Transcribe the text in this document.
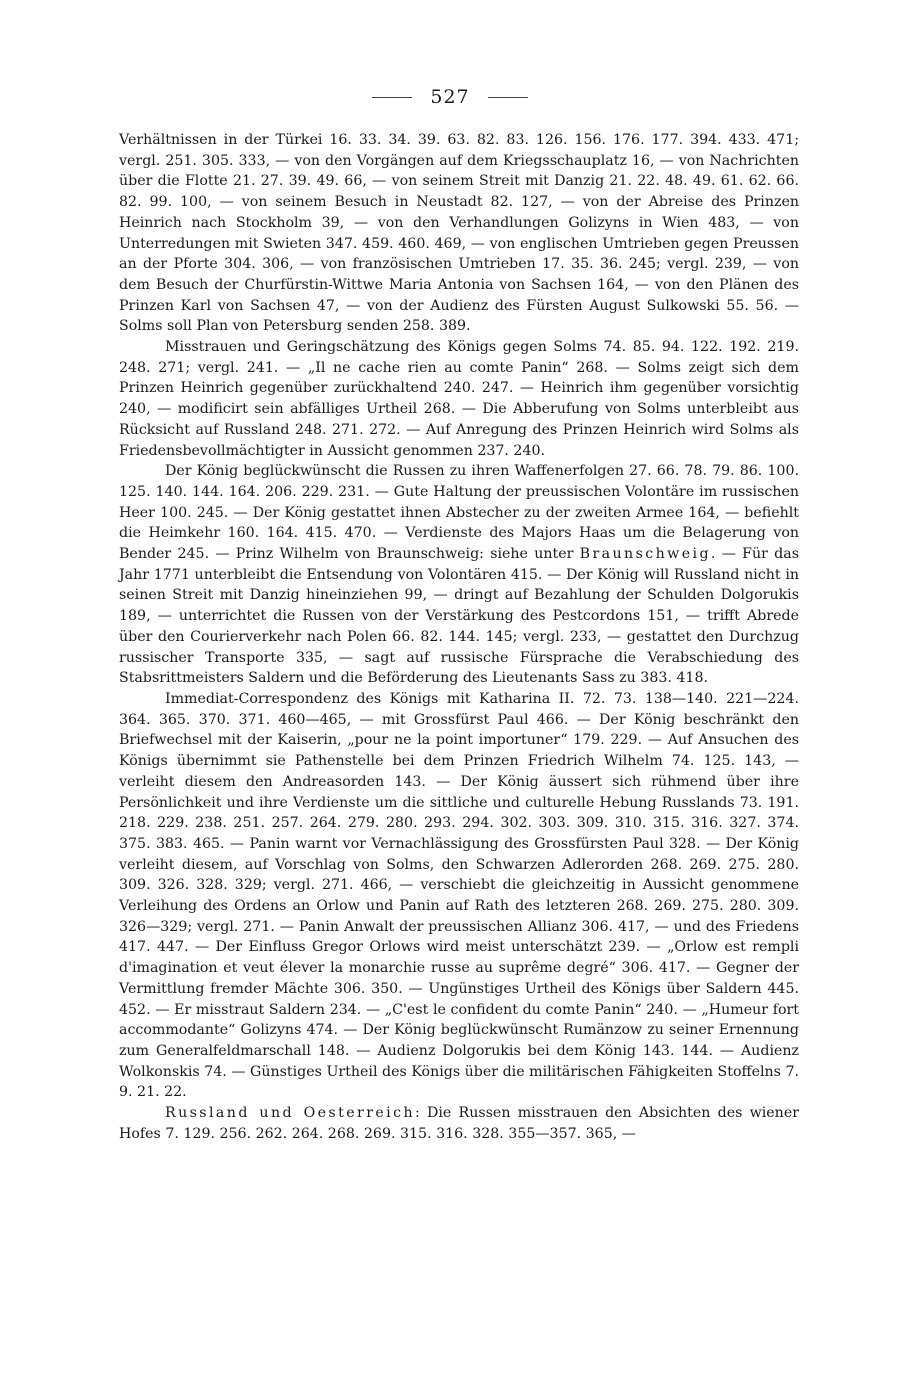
527

Verhältnissen in der Türkei 16. 33. 34. 39. 63. 82. 83. 126. 156. 176. 177. 394. 433. 471; vergl. 251. 305. 333, — von den Vorgängen auf dem Kriegsschauplatz 16, — von Nachrichten über die Flotte 21. 27. 39. 49. 66, — von seinem Streit mit Danzig 21. 22. 48. 49. 61. 62. 66. 82. 99. 100, — von seinem Besuch in Neustadt 82. 127, — von der Abreise des Prinzen Heinrich nach Stockholm 39, — von den Verhandlungen Golizyns in Wien 483, — von Unterredungen mit Swieten 347. 459. 460. 469, — von englischen Umtrieben gegen Preussen an der Pforte 304. 306, — von französischen Umtrieben 17. 35. 36. 245; vergl. 239, — von dem Besuch der Churfürstin-Wittwe Maria Antonia von Sachsen 164, — von den Plänen des Prinzen Karl von Sachsen 47, — von der Audienz des Fürsten August Sulkowski 55. 56. — Solms soll Plan von Petersburg senden 258. 389.

Misstrauen und Geringschätzung des Königs gegen Solms 74. 85. 94. 122. 192. 219. 248. 271; vergl. 241. — „Il ne cache rien au comte Panin“ 268. — Solms zeigt sich dem Prinzen Heinrich gegenüber zurückhaltend 240. 247. — Heinrich ihm gegenüber vorsichtig 240, — modificirt sein abfälliges Urtheil 268. — Die Abberufung von Solms unterbleibt aus Rücksicht auf Russland 248. 271. 272. — Auf Anregung des Prinzen Heinrich wird Solms als Friedensbevollmächtigter in Aussicht genommen 237. 240.

Der König beglückwünscht die Russen zu ihren Waffenerfolgen 27. 66. 78. 79. 86. 100. 125. 140. 144. 164. 206. 229. 231. — Gute Haltung der preussischen Volontäre im russischen Heer 100. 245. — Der König gestattet ihnen Abstecher zu der zweiten Armee 164, — befiehlt die Heimkehr 160. 164. 415. 470. — Verdienste des Majors Haas um die Belagerung von Bender 245. — Prinz Wilhelm von Braunschweig: siehe unter Braunschweig. — Für das Jahr 1771 unterbleibt die Entsendung von Volontären 415. — Der König will Russland nicht in seinen Streit mit Danzig hineinziehen 99, — dringt auf Bezahlung der Schulden Dolgorukis 189, — unterrichtet die Russen von der Verstärkung des Pestcordons 151, — trifft Abrede über den Courierverkehr nach Polen 66. 82. 144. 145; vergl. 233, — gestattet den Durchzug russischer Transporte 335, — sagt auf russische Fürsprache die Verabschiedung des Stabsrittmeisters Saldern und die Beförderung des Lieutenants Sass zu 383. 418.

Immediat-Correspondenz des Königs mit Katharina II. 72. 73. 138—140. 221—224. 364. 365. 370. 371. 460—465, — mit Grossfürst Paul 466. — Der König beschränkt den Briefwechsel mit der Kaiserin, „pour ne la point importuner“ 179. 229. — Auf Ansuchen des Königs übernimmt sie Pathenstelle bei dem Prinzen Friedrich Wilhelm 74. 125. 143, — verleiht diesem den Andreasorden 143. — Der König äussert sich rühmend über ihre Persönlichkeit und ihre Verdienste um die sittliche und culturelle Hebung Russlands 73. 191. 218. 229. 238. 251. 257. 264. 279. 280. 293. 294. 302. 303. 309. 310. 315. 316. 327. 374. 375. 383. 465. — Panin warnt vor Vernachlässigung des Grossfürsten Paul 328. — Der König verleiht diesem, auf Vorschlag von Solms, den Schwarzen Adlerorden 268. 269. 275. 280. 309. 326. 328. 329; vergl. 271. 466, — verschiebt die gleichzeitig in Aussicht genommene Verleihung des Ordens an Orlow und Panin auf Rath des letzteren 268. 269. 275. 280. 309. 326—329; vergl. 271. — Panin Anwalt der preussischen Allianz 306. 417, — und des Friedens 417. 447. — Der Einfluss Gregor Orlows wird meist unterschätzt 239. — „Orlow est rempli d'imagination et veut élever la monarchie russe au suprême degré“ 306. 417. — Gegner der Vermittlung fremder Mächte 306. 350. — Ungünstiges Urtheil des Königs über Saldern 445. 452. — Er misstraut Saldern 234. — „C'est le confident du comte Panin“ 240. — „Humeur fort accommodante“ Golizyns 474. — Der König beglückwünscht Rumänzow zu seiner Ernennung zum Generalfeldmarschall 148. — Audienz Dolgorukis bei dem König 143. 144. — Audienz Wolkonskis 74. — Günstiges Urtheil des Königs über die militärischen Fähigkeiten Stoffelns 7. 9. 21. 22.

Russland und Oesterreich: Die Russen misstrauen den Absichten des wiener Hofes 7. 129. 256. 262. 264. 268. 269. 315. 316. 328. 355—357. 365, —
